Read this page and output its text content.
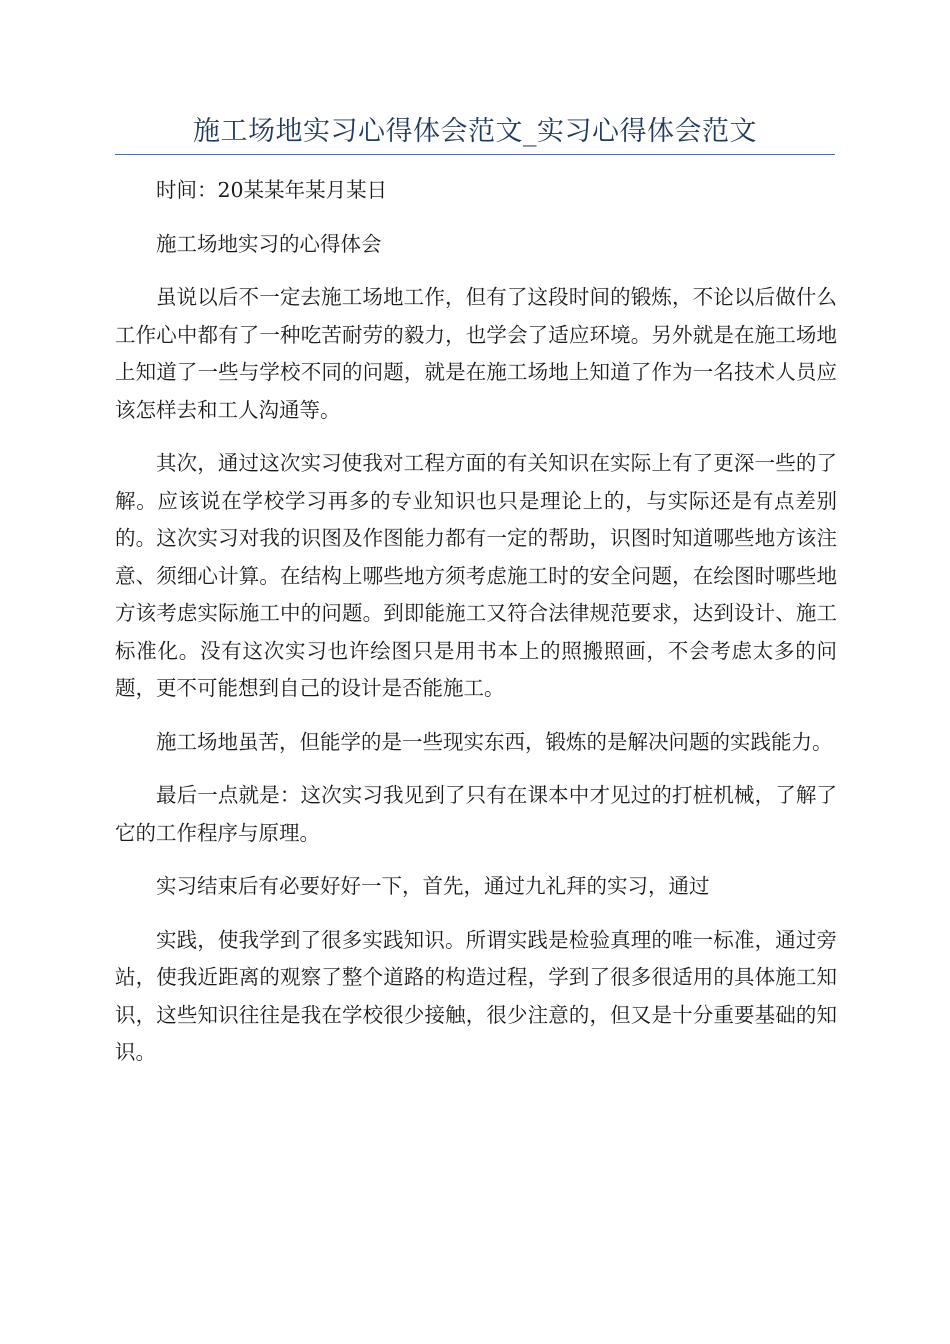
施工场地实习心得体会范文_实习心得体会范文

时间：20某某年某月某日

施工场地实习的心得体会

虽说以后不一定去施工场地工作，但有了这段时间的锻炼，不论以后做什么工作心中都有了一种吃苦耐劳的毅力，也学会了适应环境。另外就是在施工场地上知道了一些与学校不同的问题，就是在施工场地上知道了作为一名技术人员应该怎样去和工人沟通等。

其次，通过这次实习使我对工程方面的有关知识在实际上有了更深一些的了解。应该说在学校学习再多的专业知识也只是理论上的，与实际还是有点差别的。这次实习对我的识图及作图能力都有一定的帮助，识图时知道哪些地方该注意、须细心计算。在结构上哪些地方须考虑施工时的安全问题，在绘图时哪些地方该考虑实际施工中的问题。到即能施工又符合法律规范要求，达到设计、施工标准化。没有这次实习也许绘图只是用书本上的照搬照画，不会考虑太多的问题，更不可能想到自己的设计是否能施工。

施工场地虽苦，但能学的是一些现实东西，锻炼的是解决问题的实践能力。

最后一点就是：这次实习我见到了只有在课本中才见过的打桩机械，了解了它的工作程序与原理。

实习结束后有必要好好一下，首先，通过九礼拜的实习，通过

实践，使我学到了很多实践知识。所谓实践是检验真理的唯一标准，通过旁站，使我近距离的观察了整个道路的构造过程，学到了很多很适用的具体施工知识，这些知识往往是我在学校很少接触，很少注意的，但又是十分重要基础的知识。
